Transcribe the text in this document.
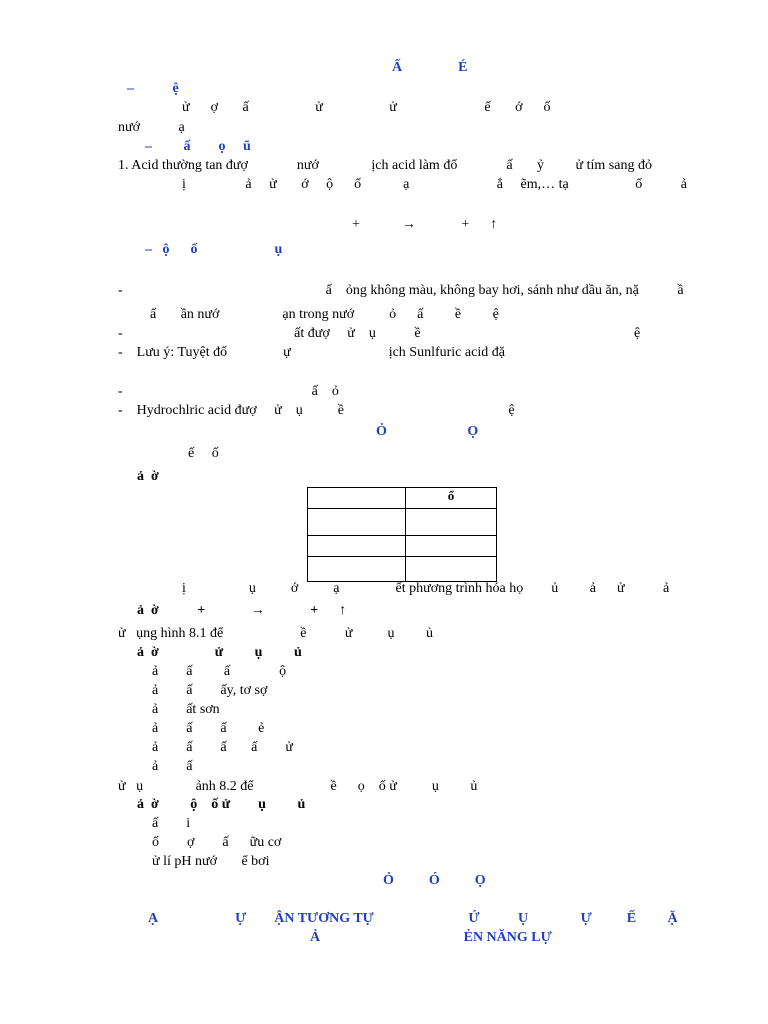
Ấ                É
–           ệ
ử      ợ       ấ                   ử                   ử                         ế       ớ      ố
nướ           ạ
–         ấ        ọ     ũ
1. Acid thường tan đượ              nướ               ịch acid làm đổ              ấ       ỷ         ử tím sang đỏ
ị                 ả     ử       ớ     ộ      ố            ạ                         ắ     ẽm,… tạ                   ố           ả
+            →             +      ↑
–   ộ      ố                      ụ
-                                                          ấ    ỏng không màu, không bay hơi, sánh như dầu ăn, nặ           ầ
ấ       ần nướ                  ạn trong nướ          ỏ      ấ         ề         ệ
-                                                 ất đượ     ử    ụ           ề                                                             ệ
-    Lưu ý: Tuyệt đố                ự                            ịch Sunlfuric acid đặ
-                                                      ấ    ỏ
-    Hydrochlric acid đượ     ử    ụ          ề                                               ệ
Ỏ                       Ọ
ế     ố
ả  ờ
	ổ

ị                  ụ          ớ          ạ                ết phương trình hóa họ        ủ         ả      ử           ả
ả  ờ           +             →             +      ↑
ử   ụng hình 8.1 để                      ề           ử          ụ         ủ
ả  ờ                ử         ụ         ủ
ả        ấ         ấ              ộ
ả        ấ        ấy, tơ sợ
ả        ất sơn
ả        ấ        ấ         ẻ
ả        ấ        ấ       ấ        ử
ả        ấ
ử   ụ               ảnh 8.2 để                      ề      ọ    ố ử          ụ         ủ
ả  ờ         ộ    ố ử        ụ         ủ
ấ        i
ố        ợ        ấ      ữu cơ
ử lí pH nướ       ể bơi
Ỏ          Ó          Ọ
Ạ                      Ự        ẬN TƯƠNG TỰ                           Ứ           Ụ               Ự          Ế         Ặ
Ả                                         ẺN NĂNG LỰ
